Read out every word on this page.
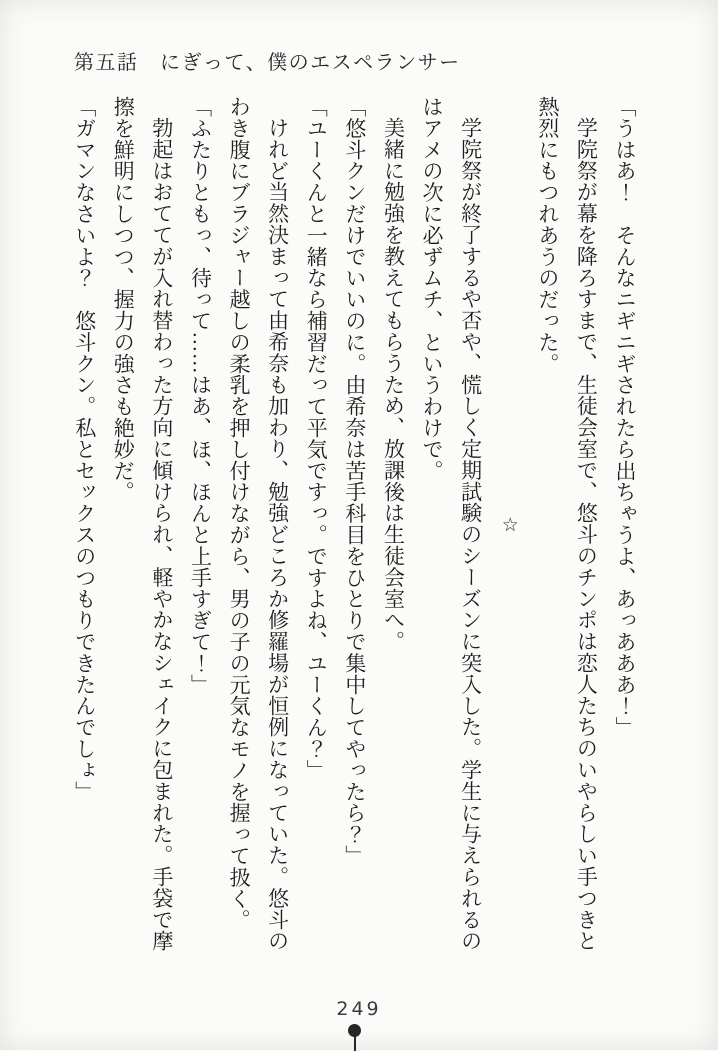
第五話　にぎって、僕のエスペランサー

「うはあ！　そんなニギニギされたら出ちゃうよ、あっあああ！」

学院祭が幕を降ろすまで、生徒会室で、悠斗のチンポは恋人たちのいやらしい手つきと

熱烈にもつれあうのだった。

☆

学院祭が終了するや否や、慌しく定期試験のシーズンに突入した。学生に与えられるの

はアメの次に必ずムチ、というわけで。

美緒に勉強を教えてもらうため、放課後は生徒会室へ。

「悠斗クンだけでいいのに。由希奈は苦手科目をひとりで集中してやったら？」

「ユーくんと一緒なら補習だって平気ですっ。ですよね、ユーくん？」

けれど当然決まって由希奈も加わり、勉強どころか修羅場が恒例になっていた。悠斗の

わき腹にブラジャー越しの柔乳を押し付けながら、男の子の元気なモノを握って扱く。

「ふたりともっ、待って……はあ、ほ、ほんと上手すぎて！」

勃起はおててが入れ替わった方向に傾けられ、軽やかなシェイクに包まれた。手袋で摩

擦を鮮明にしつつ、握力の強さも絶妙だ。

「ガマンなさいよ？　悠斗クン。私とセックスのつもりできたんでしょ」

249
